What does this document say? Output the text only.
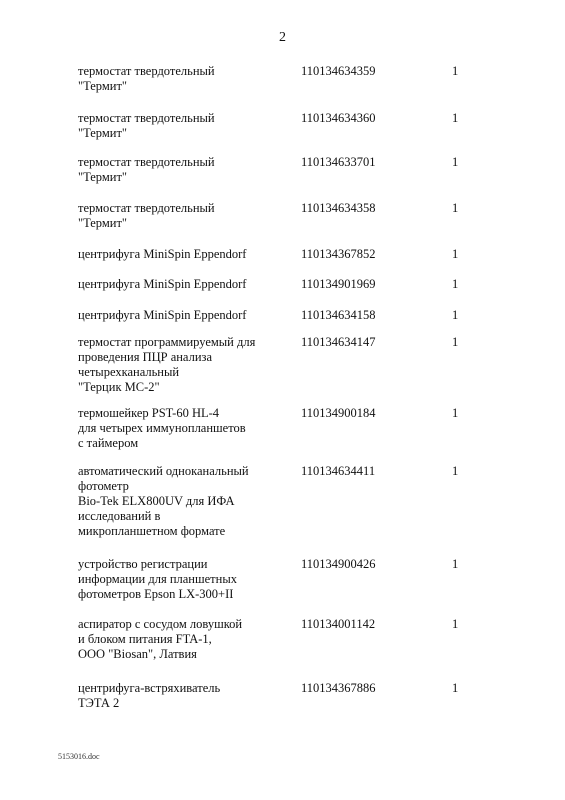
2
термостат твердотельный
"Термит"
110134634359	1
термостат твердотельный
"Термит"
110134634360	1
термостат твердотельный
"Термит"
110134633701	1
термостат твердотельный
"Термит"
110134634358	1
центрифуга MiniSpin Eppendorf	110134367852	1
центрифуга MiniSpin Eppendorf	110134901969	1
центрифуга MiniSpin Eppendorf	110134634158	1
термостат программируемый для
проведения ПЦР анализа
четырехканальный
"Терцик МС-2"
110134634147	1
термошейкер PST-60 HL-4
для четырех иммунопланшетов
с таймером
110134900184	1
автоматический одноканальный
фотометр
Bio-Tek ELX800UV для ИФА
исследований в
микропланшетном формате
110134634411	1
устройство регистрации
информации для планшетных
фотометров Epson LX-300+II
110134900426	1
аспиратор с сосудом ловушкой
и блоком питания FTA-1,
ООО "Biosan", Латвия
110134001142	1
центрифуга-встряхиватель
ТЭТА 2
110134367886	1
5153016.doc
